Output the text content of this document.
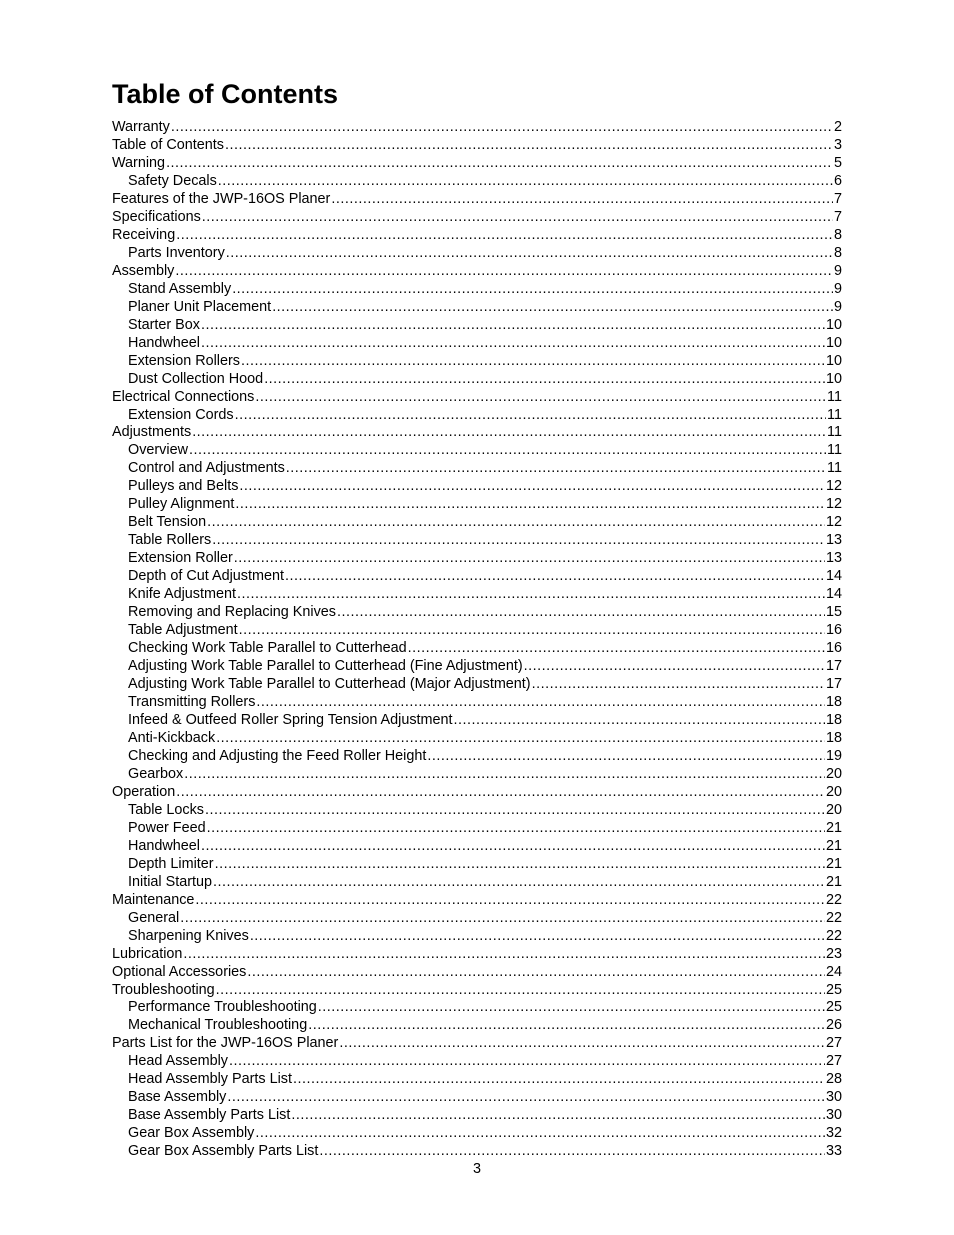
Table of Contents
Warranty .....	2
Table of Contents .....	3
Warning .....	5
Safety Decals .....	6
Features of the JWP-16OS Planer .....	7
Specifications .....	7
Receiving .....	8
Parts Inventory .....	8
Assembly .....	9
Stand Assembly .....	9
Planer Unit Placement .....	9
Starter Box .....	10
Handwheel .....	10
Extension Rollers .....	10
Dust Collection Hood .....	10
Electrical Connections .....	11
Extension Cords .....	11
Adjustments .....	11
Overview .....	11
Control and Adjustments .....	11
Pulleys and Belts .....	12
Pulley Alignment .....	12
Belt Tension .....	12
Table Rollers .....	13
Extension Roller .....	13
Depth of Cut Adjustment .....	14
Knife Adjustment .....	14
Removing and Replacing Knives .....	15
Table Adjustment .....	16
Checking Work Table Parallel to Cutterhead .....	16
Adjusting Work Table Parallel to Cutterhead (Fine Adjustment) .....	17
Adjusting Work Table Parallel to Cutterhead (Major Adjustment) .....	17
Transmitting Rollers .....	18
Infeed & Outfeed Roller Spring Tension Adjustment .....	18
Anti-Kickback .....	18
Checking and Adjusting the Feed Roller Height .....	19
Gearbox .....	20
Operation .....	20
Table Locks .....	20
Power Feed .....	21
Handwheel .....	21
Depth Limiter .....	21
Initial Startup .....	21
Maintenance .....	22
General .....	22
Sharpening Knives .....	22
Lubrication .....	23
Optional Accessories .....	24
Troubleshooting .....	25
Performance Troubleshooting .....	25
Mechanical Troubleshooting .....	26
Parts List for the JWP-16OS Planer .....	27
Head Assembly .....	27
Head Assembly Parts List .....	28
Base Assembly .....	30
Base Assembly Parts List .....	30
Gear Box Assembly .....	32
Gear Box Assembly Parts List .....	33
3
